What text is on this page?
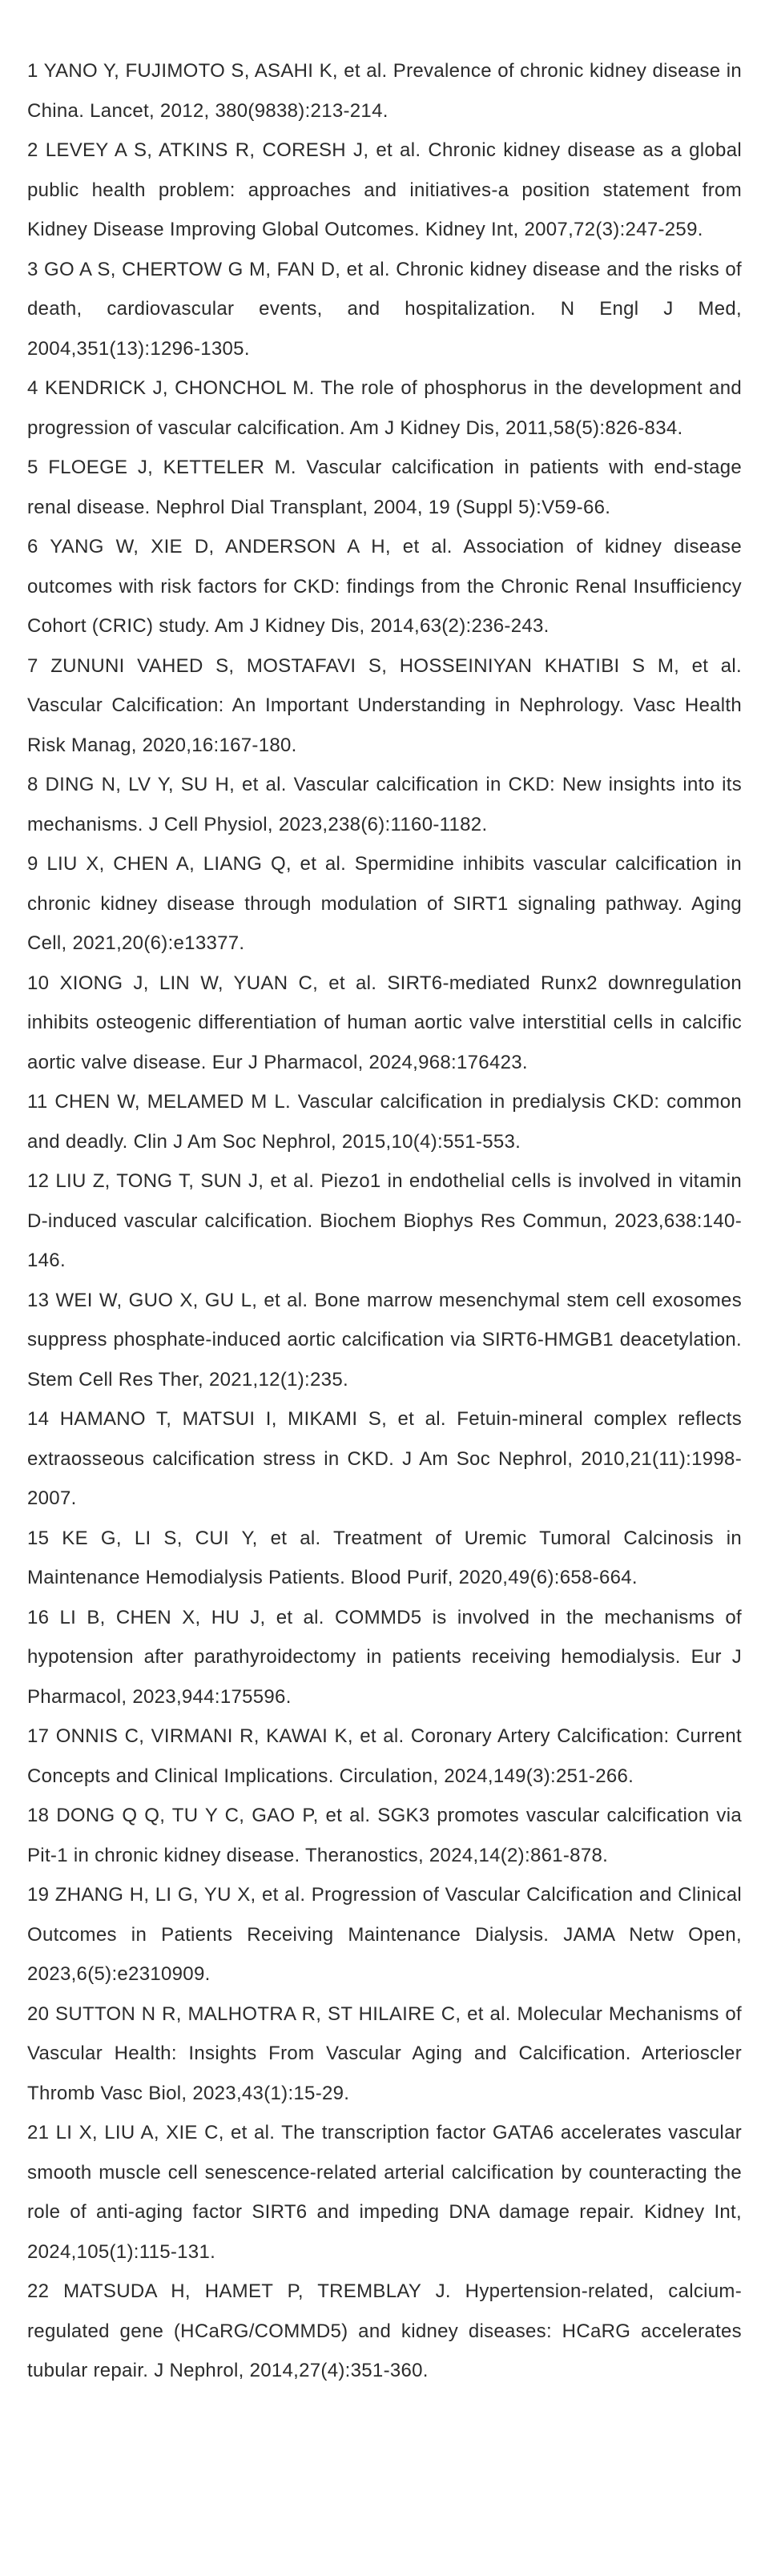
1 YANO Y, FUJIMOTO S, ASAHI K, et al. Prevalence of chronic kidney disease in China. Lancet, 2012, 380(9838):213-214.
2 LEVEY A S, ATKINS R, CORESH J, et al. Chronic kidney disease as a global public health problem: approaches and initiatives-a position statement from Kidney Disease Improving Global Outcomes. Kidney Int, 2007,72(3):247-259.
3 GO A S, CHERTOW G M, FAN D, et al. Chronic kidney disease and the risks of death, cardiovascular events, and hospitalization. N Engl J Med, 2004,351(13):1296-1305.
4 KENDRICK J, CHONCHOL M. The role of phosphorus in the development and progression of vascular calcification. Am J Kidney Dis, 2011,58(5):826-834.
5 FLOEGE J, KETTELER M. Vascular calcification in patients with end-stage renal disease. Nephrol Dial Transplant, 2004, 19 (Suppl 5):V59-66.
6 YANG W, XIE D, ANDERSON A H, et al. Association of kidney disease outcomes with risk factors for CKD: findings from the Chronic Renal Insufficiency Cohort (CRIC) study. Am J Kidney Dis, 2014,63(2):236-243.
7 ZUNUNI VAHED S, MOSTAFAVI S, HOSSEINIYAN KHATIBI S M, et al. Vascular Calcification: An Important Understanding in Nephrology. Vasc Health Risk Manag, 2020,16:167-180.
8 DING N, LV Y, SU H, et al. Vascular calcification in CKD: New insights into its mechanisms. J Cell Physiol, 2023,238(6):1160-1182.
9 LIU X, CHEN A, LIANG Q, et al. Spermidine inhibits vascular calcification in chronic kidney disease through modulation of SIRT1 signaling pathway. Aging Cell, 2021,20(6):e13377.
10 XIONG J, LIN W, YUAN C, et al. SIRT6-mediated Runx2 downregulation inhibits osteogenic differentiation of human aortic valve interstitial cells in calcific aortic valve disease. Eur J Pharmacol, 2024,968:176423.
11 CHEN W, MELAMED M L. Vascular calcification in predialysis CKD: common and deadly. Clin J Am Soc Nephrol, 2015,10(4):551-553.
12 LIU Z, TONG T, SUN J, et al. Piezo1 in endothelial cells is involved in vitamin D-induced vascular calcification. Biochem Biophys Res Commun, 2023,638:140-146.
13 WEI W, GUO X, GU L, et al. Bone marrow mesenchymal stem cell exosomes suppress phosphate-induced aortic calcification via SIRT6-HMGB1 deacetylation. Stem Cell Res Ther, 2021,12(1):235.
14 HAMANO T, MATSUI I, MIKAMI S, et al. Fetuin-mineral complex reflects extraosseous calcification stress in CKD. J Am Soc Nephrol, 2010,21(11):1998-2007.
15 KE G, LI S, CUI Y, et al. Treatment of Uremic Tumoral Calcinosis in Maintenance Hemodialysis Patients. Blood Purif, 2020,49(6):658-664.
16 LI B, CHEN X, HU J, et al. COMMD5 is involved in the mechanisms of hypotension after parathyroidectomy in patients receiving hemodialysis. Eur J Pharmacol, 2023,944:175596.
17 ONNIS C, VIRMANI R, KAWAI K, et al. Coronary Artery Calcification: Current Concepts and Clinical Implications. Circulation, 2024,149(3):251-266.
18 DONG Q Q, TU Y C, GAO P, et al. SGK3 promotes vascular calcification via Pit-1 in chronic kidney disease. Theranostics, 2024,14(2):861-878.
19 ZHANG H, LI G, YU X, et al. Progression of Vascular Calcification and Clinical Outcomes in Patients Receiving Maintenance Dialysis. JAMA Netw Open, 2023,6(5):e2310909.
20 SUTTON N R, MALHOTRA R, ST HILAIRE C, et al. Molecular Mechanisms of Vascular Health: Insights From Vascular Aging and Calcification. Arterioscler Thromb Vasc Biol, 2023,43(1):15-29.
21 LI X, LIU A, XIE C, et al. The transcription factor GATA6 accelerates vascular smooth muscle cell senescence-related arterial calcification by counteracting the role of anti-aging factor SIRT6 and impeding DNA damage repair. Kidney Int, 2024,105(1):115-131.
22 MATSUDA H, HAMET P, TREMBLAY J. Hypertension-related, calcium-regulated gene (HCaRG/COMMD5) and kidney diseases: HCaRG accelerates tubular repair. J Nephrol, 2014,27(4):351-360.
